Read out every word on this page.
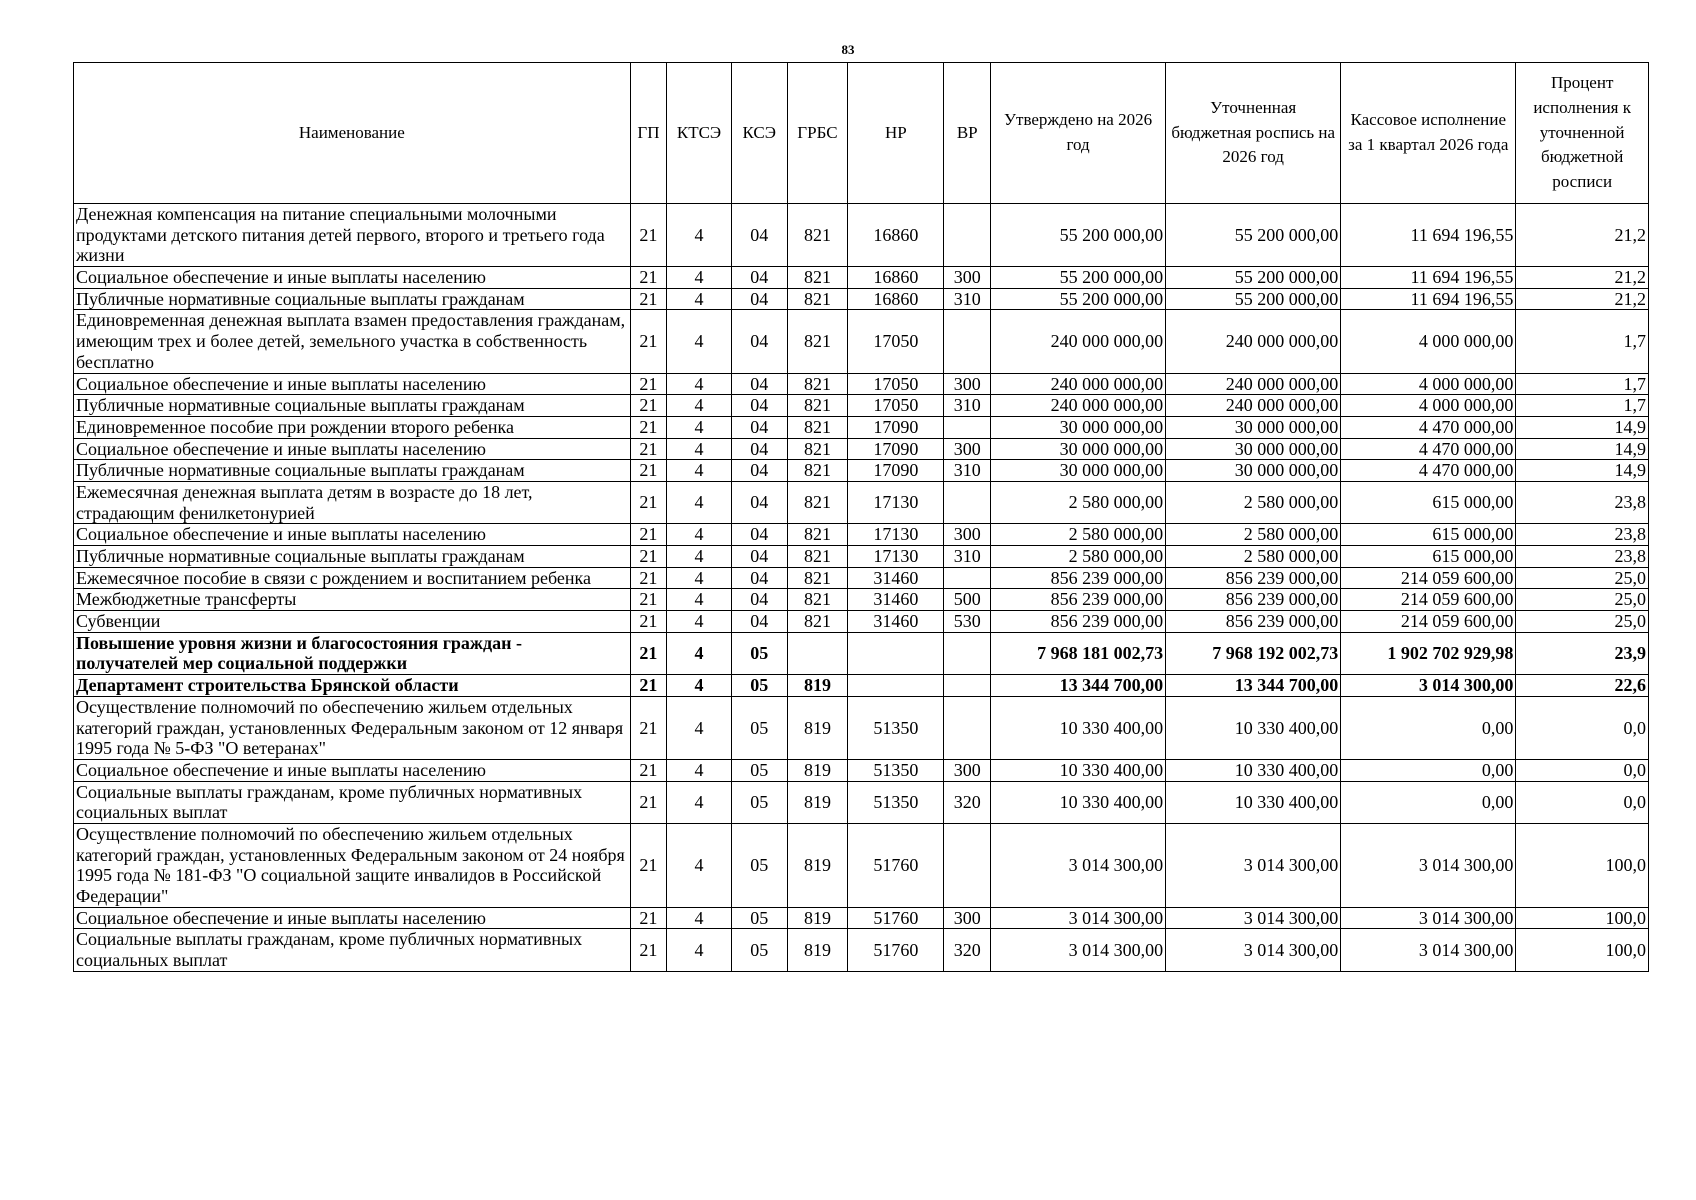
83
Наименование	ГП	КТСЭ	КСЭ	ГРБС	НР	ВР	Утверждено на 2026 год	Уточненная бюджетная роспись на 2026 год	Кассовое исполнение за 1 квартал 2026 года	Процент исполнения к уточненной бюджетной росписи
Денежная компенсация на питание специальными молочными продуктами детского питания детей первого, второго и третьего года жизни	21	4	04	821	16860		55 200 000,00	55 200 000,00	11 694 196,55	21,2
Социальное обеспечение и иные выплаты населению	21	4	04	821	16860	300	55 200 000,00	55 200 000,00	11 694 196,55	21,2
Публичные нормативные социальные выплаты гражданам	21	4	04	821	16860	310	55 200 000,00	55 200 000,00	11 694 196,55	21,2
Единовременная денежная выплата взамен предоставления гражданам, имеющим трех и более детей, земельного участка в собственность бесплатно	21	4	04	821	17050		240 000 000,00	240 000 000,00	4 000 000,00	1,7
Социальное обеспечение и иные выплаты населению	21	4	04	821	17050	300	240 000 000,00	240 000 000,00	4 000 000,00	1,7
Публичные нормативные социальные выплаты гражданам	21	4	04	821	17050	310	240 000 000,00	240 000 000,00	4 000 000,00	1,7
Единовременное пособие при рождении второго ребенка	21	4	04	821	17090		30 000 000,00	30 000 000,00	4 470 000,00	14,9
Социальное обеспечение и иные выплаты населению	21	4	04	821	17090	300	30 000 000,00	30 000 000,00	4 470 000,00	14,9
Публичные нормативные социальные выплаты гражданам	21	4	04	821	17090	310	30 000 000,00	30 000 000,00	4 470 000,00	14,9
Ежемесячная денежная выплата детям в возрасте до 18 лет, страдающим фенилкетонурией	21	4	04	821	17130		2 580 000,00	2 580 000,00	615 000,00	23,8
Социальное обеспечение и иные выплаты населению	21	4	04	821	17130	300	2 580 000,00	2 580 000,00	615 000,00	23,8
Публичные нормативные социальные выплаты гражданам	21	4	04	821	17130	310	2 580 000,00	2 580 000,00	615 000,00	23,8
Ежемесячное пособие в связи с рождением и воспитанием ребенка	21	4	04	821	31460		856 239 000,00	856 239 000,00	214 059 600,00	25,0
Межбюджетные трансферты	21	4	04	821	31460	500	856 239 000,00	856 239 000,00	214 059 600,00	25,0
Субвенции	21	4	04	821	31460	530	856 239 000,00	856 239 000,00	214 059 600,00	25,0
Повышение уровня жизни и благосостояния граждан - получателей мер социальной поддержки	21	4	05				7 968 181 002,73	7 968 192 002,73	1 902 702 929,98	23,9
Департамент строительства Брянской области	21	4	05	819			13 344 700,00	13 344 700,00	3 014 300,00	22,6
Осуществление полномочий по обеспечению жильем отдельных категорий граждан, установленных Федеральным законом от 12 января 1995 года № 5-ФЗ "О ветеранах"	21	4	05	819	51350		10 330 400,00	10 330 400,00	0,00	0,0
Социальное обеспечение и иные выплаты населению	21	4	05	819	51350	300	10 330 400,00	10 330 400,00	0,00	0,0
Социальные выплаты гражданам, кроме публичных нормативных социальных выплат	21	4	05	819	51350	320	10 330 400,00	10 330 400,00	0,00	0,0
Осуществление полномочий по обеспечению жильем отдельных категорий граждан, установленных Федеральным законом от 24 ноября 1995 года № 181-ФЗ "О социальной защите инвалидов в Российской Федерации"	21	4	05	819	51760		3 014 300,00	3 014 300,00	3 014 300,00	100,0
Социальное обеспечение и иные выплаты населению	21	4	05	819	51760	300	3 014 300,00	3 014 300,00	3 014 300,00	100,0
Социальные выплаты гражданам, кроме публичных нормативных социальных выплат	21	4	05	819	51760	320	3 014 300,00	3 014 300,00	3 014 300,00	100,0
